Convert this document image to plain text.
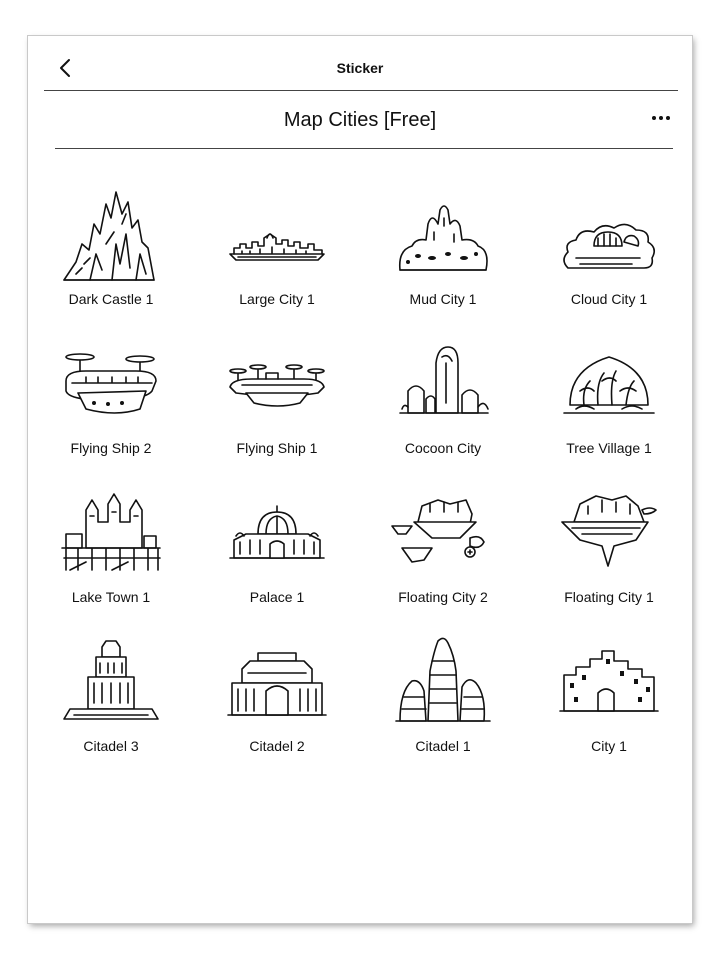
Sticker
Map Cities [Free]
Dark Castle 1	Large City 1	Mud City 1	Cloud City 1
Flying Ship 2	Flying Ship 1	Cocoon City	Tree Village 1
Lake Town 1	Palace 1	Floating City 2	Floating City 1
Citadel 3	Citadel 2	Citadel 1	City 1
